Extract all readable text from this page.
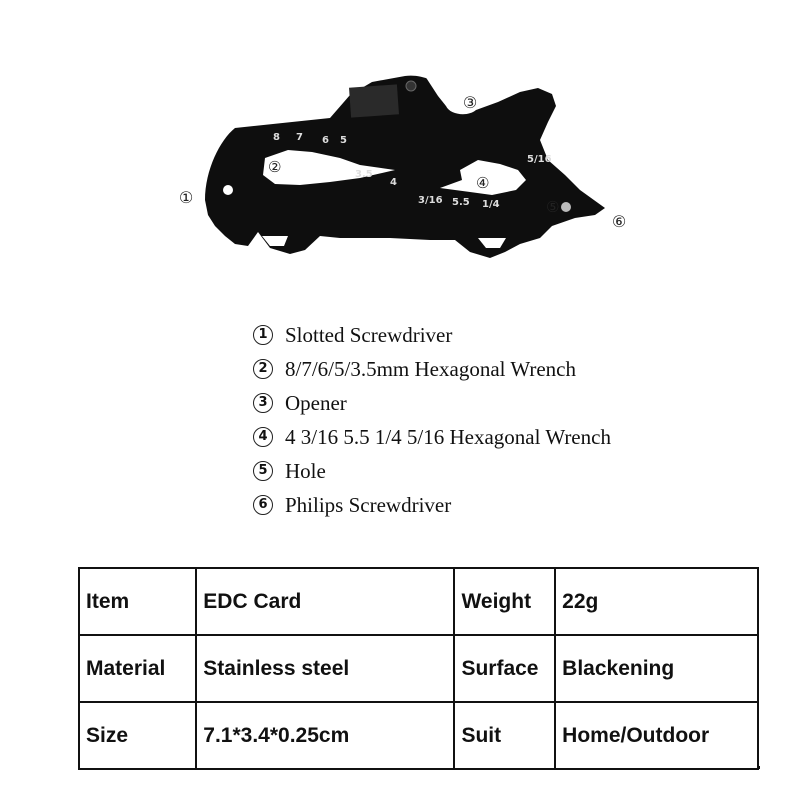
8 7 6 5
3.5
4
3/16 5.5 1/4
5/16
②
④
⑤
①
③
⑥
1 Slotted Screwdriver
2 8/7/6/5/3.5mm Hexagonal Wrench
3 Opener
4 4 3/16 5.5 1/4 5/16 Hexagonal Wrench
5 Hole
6 Philips Screwdriver
Item	EDC Card	Weight	22g
Material	Stainless steel	Surface	Blackening
Size	7.1*3.4*0.25cm	Suit	Home/Outdoor
